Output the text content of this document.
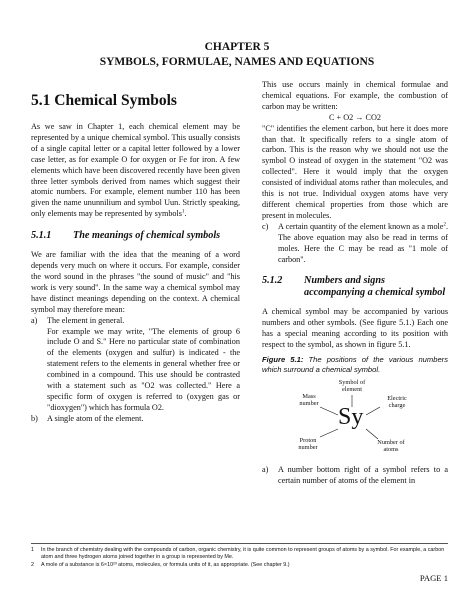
CHAPTER 5
SYMBOLS, FORMULAE, NAMES AND EQUATIONS
5.1 Chemical Symbols

As we saw in Chapter 1, each chemical element may be represented by a unique chemical symbol. This usually consists of a single capital letter or a capital letter followed by a lower case letter, as for example O for oxygen or Fe for iron. A few elements which have been discovered recently have been given three letter symbols derived from names which suggest their atomic numbers. For example, element number 110 has been given the name ununnilium and symbol Uun. Strictly speaking, only elements may be represented by symbols$^1$.

5.1.1	The meanings of chemical symbols

We are familiar with the idea that the meaning of a word depends very much on where it occurs. For example, consider the word sound in the phrases "the sound of music" and "his work is very sound". In the same way a chemical symbol may have distinct meanings depending on the context. A chemical symbol may therefore mean:

a)	The element in general.

For example we may write, "The elements of group 6 include O and S." Here no particular state of combination of the elements (oxygen and sulfur) is indicated - the statement refers to the elements in general whether free or combined in a compound. This use should be contrasted with a statement such as "O2 was collected." Here a specific form of oxygen is referred to (oxygen gas or "dioxygen") which has formula O2.

b)	A single atom of the element.

This use occurs mainly in chemical formulae and chemical equations. For example, the combustion of carbon may be written:

C + O2 → CO2

"C" identifies the element carbon, but here it does more than that. It specifically refers to a single atom of carbon. This is the reason why we should not use the symbol O instead of oxygen in the statement "O2 was collected". Here it would imply that the oxygen consisted of individual atoms rather than molecules, and this is not true. Individual oxygen atoms have very different chemical properties from those which are present in molecules.

c)	A certain quantity of the element known as a mole$^2$. The above equation may also be read in terms of moles. Here the C may be read as "1 mole of carbon".

5.1.2	Numbers and signs accompanying a chemical symbol

A chemical symbol may be accompanied by various numbers and other symbols. (See figure 5.1.) Each one has a special meaning according to its position with respect to the symbol, as shown in figure 5.1.

Figure 5.1: The positions of the various numbers which surround a chemical symbol.

Sy
Symbol of element
Mass number
Electric charge
Proton number
Number of atoms
a)	A number bottom right of a symbol refers to a certain number of atoms of the element in

1	In the branch of chemistry dealing with the compounds of carbon, organic chemistry, it is quite common to represent groups of atoms by a symbol. For example, a carbon atom and three hydrogen atoms joined together in a group is represented by Me.
2	A mole of a substance is 6×10²³ atoms, molecules, or formula units of it, as appropriate. (See chapter 9.)
PAGE 1
